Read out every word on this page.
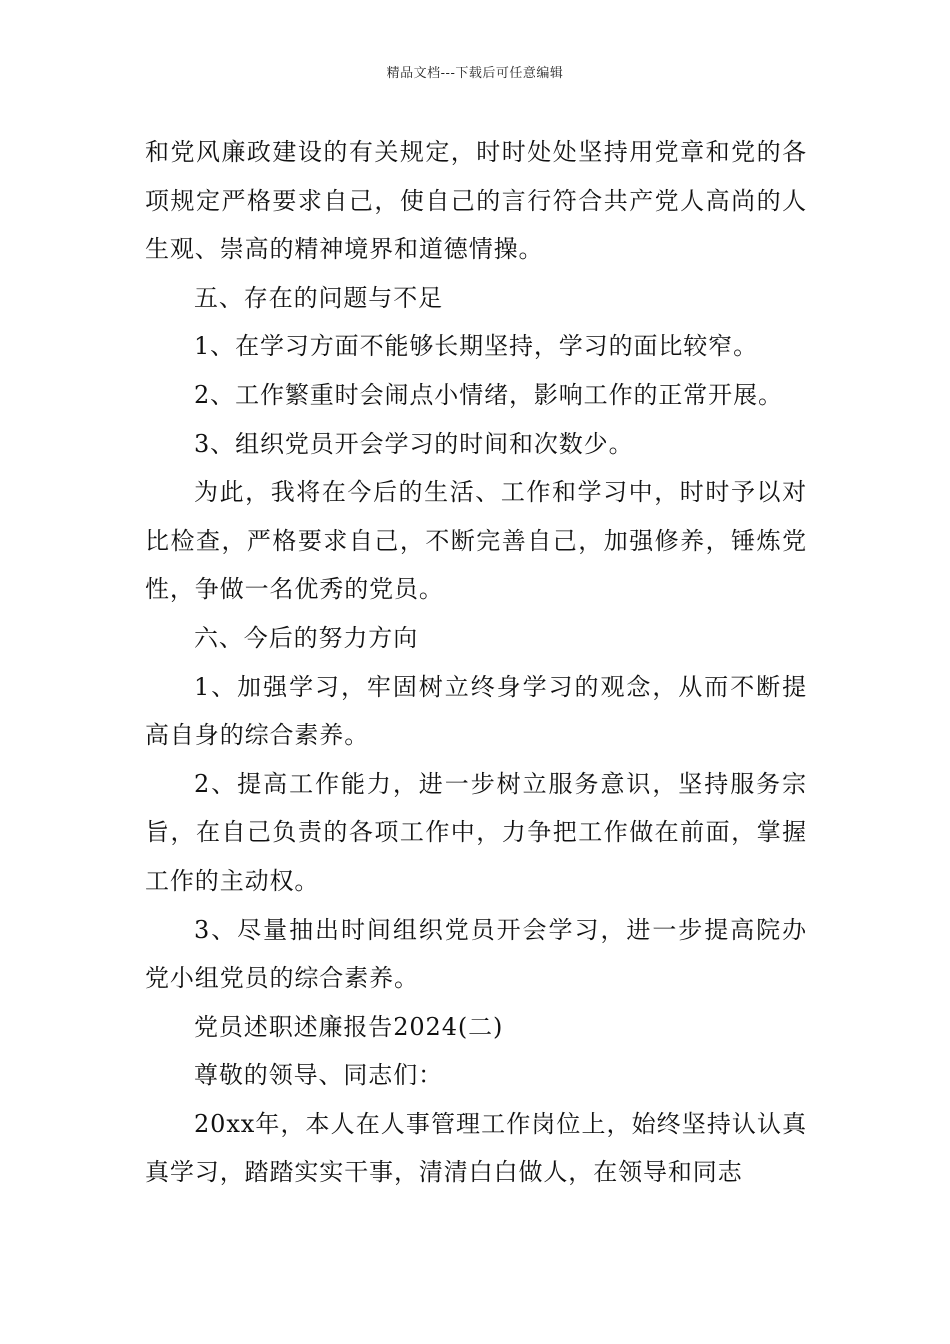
精品文档---下载后可任意编辑

和党风廉政建设的有关规定，时时处处坚持用党章和党的各项规定严格要求自己，使自己的言行符合共产党人高尚的人生观、崇高的精神境界和道德情操。

五、存在的问题与不足

1、在学习方面不能够长期坚持，学习的面比较窄。

2、工作繁重时会闹点小情绪，影响工作的正常开展。

3、组织党员开会学习的时间和次数少。

为此，我将在今后的生活、工作和学习中，时时予以对比检查，严格要求自己，不断完善自己，加强修养，锤炼党性，争做一名优秀的党员。

六、今后的努力方向

1、加强学习，牢固树立终身学习的观念，从而不断提高自身的综合素养。

2、提高工作能力，进一步树立服务意识，坚持服务宗旨，在自己负责的各项工作中，力争把工作做在前面，掌握工作的主动权。

3、尽量抽出时间组织党员开会学习，进一步提高院办党小组党员的综合素养。

党员述职述廉报告2024(二)

尊敬的领导、同志们：

20xx年，本人在人事管理工作岗位上，始终坚持认认真真学习，踏踏实实干事，清清白白做人，在领导和同志
